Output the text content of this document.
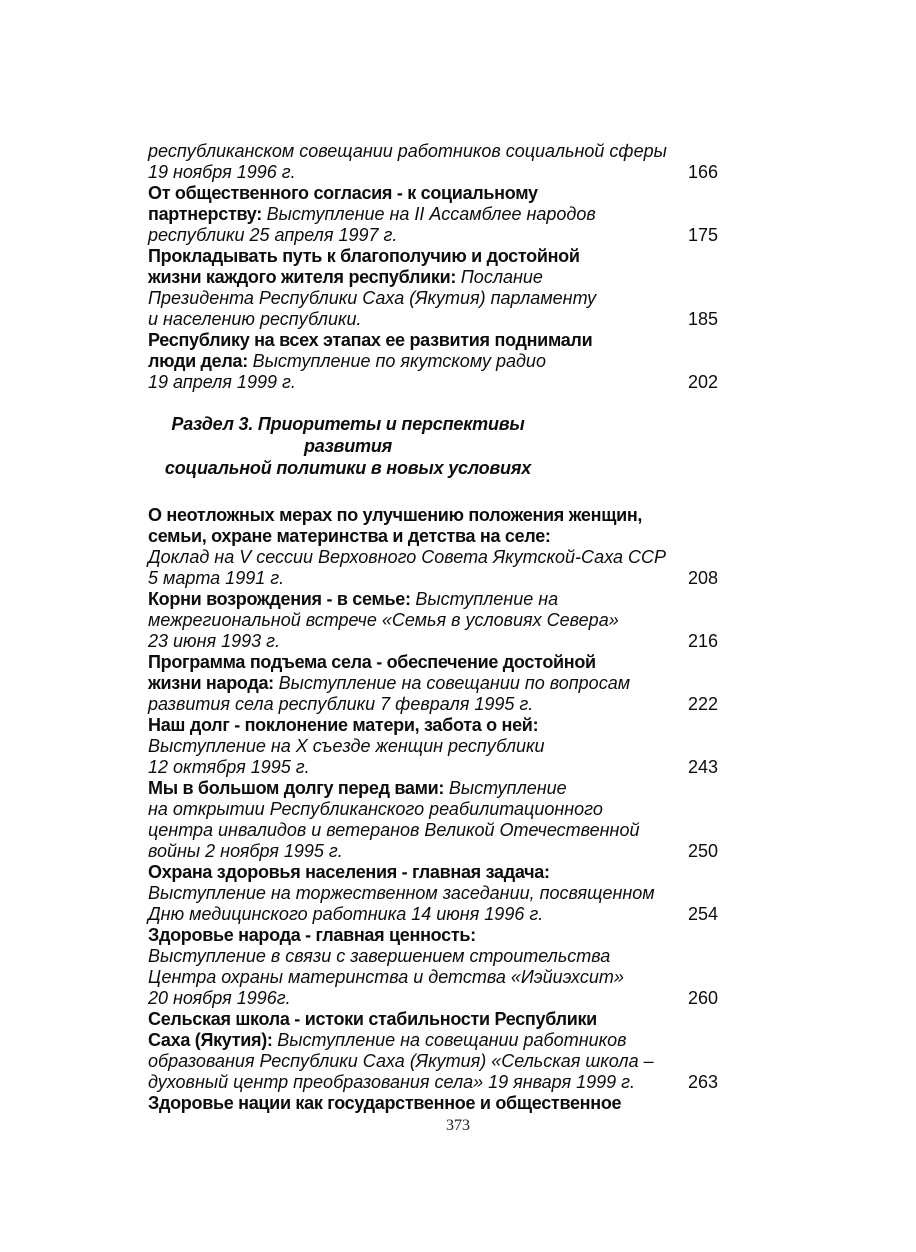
республиканском совещании работников социальной сферы
19 ноября 1996 г.	166
От общественного согласия - к социальному
партнерству: Выступление на II Ассамблее народов
республики 25 апреля 1997 г.	175
Прокладывать путь к благополучию и достойной
жизни каждого жителя республики: Послание
Президента Республики Саха (Якутия) парламенту
и населению республики.	185
Республику на всех этапах ее развития поднимали
люди дела: Выступление по якутскому радио
19 апреля 1999 г.	202
Раздел 3. Приоритеты и перспективы развития
социальной политики в новых условиях
О неотложных мерах по улучшению положения женщин,
семьи, охране материнства и детства на селе:
Доклад на V сессии Верховного Совета Якутской-Саха ССР
5 марта 1991 г.	208
Корни возрождения - в семье: Выступление на
межрегиональной встрече «Семья в условиях Севера»
23 июня 1993 г.	216
Программа подъема села - обеспечение достойной
жизни народа: Выступление на совещании по вопросам
развития села республики 7 февраля 1995 г.	222
Наш долг - поклонение матери, забота о ней:
Выступление на X съезде женщин республики
12 октября 1995 г.	243
Мы в большом долгу перед вами: Выступление
на открытии Республиканского реабилитационного
центра инвалидов и ветеранов Великой Отечественной
войны 2 ноября 1995 г.	250
Охрана здоровья населения - главная задача:
Выступление на торжественном заседании, посвященном
Дню медицинского работника 14 июня 1996 г.	254
Здоровье народа - главная ценность:
Выступление в связи с завершением строительства
Центра охраны материнства и детства «Иэйиэхсит»
20 ноября 1996г.	260
Сельская школа - истоки стабильности Республики
Саха (Якутия): Выступление на совещании работников
образования Республики Саха (Якутия) «Сельская школа –
духовный центр преобразования села» 19 января 1999 г.	263
Здоровье нации как государственное и общественное
373
